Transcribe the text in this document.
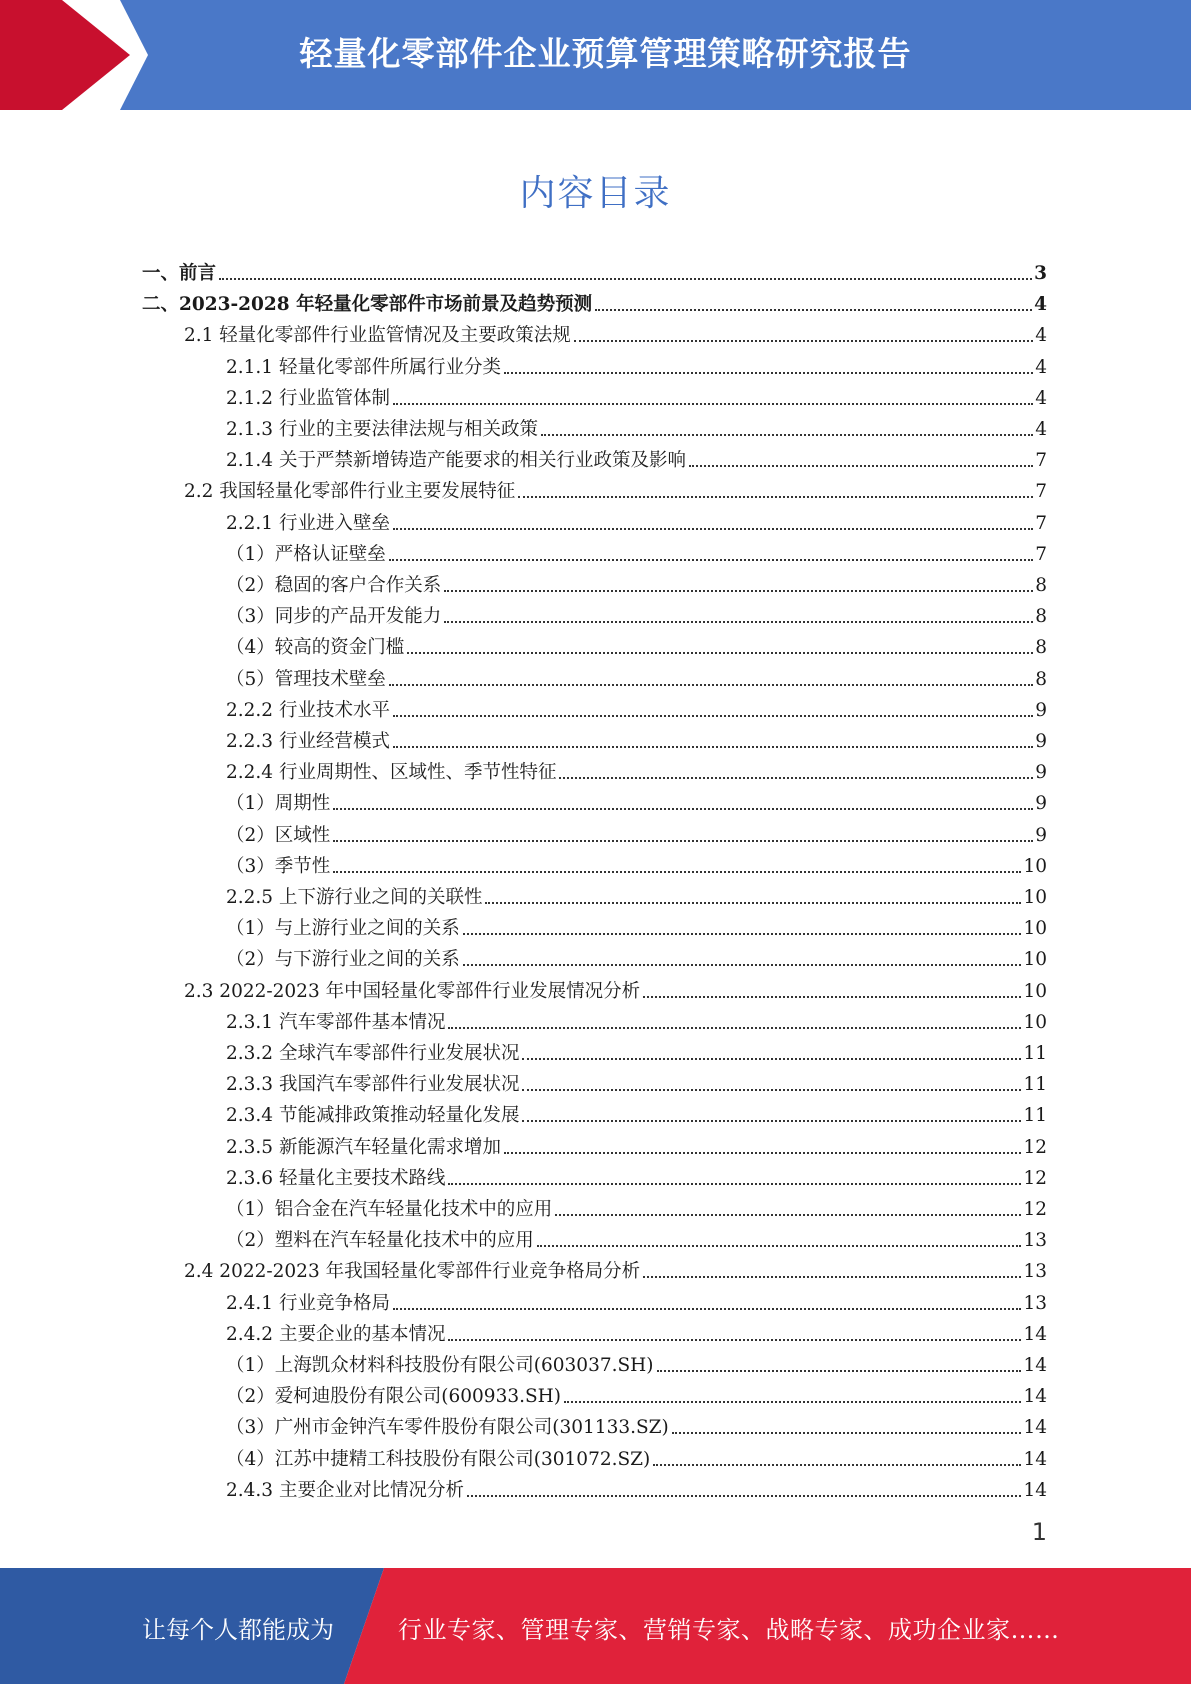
轻量化零部件企业预算管理策略研究报告
内容目录
一、前言	3
二、2023-2028 年轻量化零部件市场前景及趋势预测	4
2.1 轻量化零部件行业监管情况及主要政策法规	4
2.1.1 轻量化零部件所属行业分类	4
2.1.2 行业监管体制	4
2.1.3 行业的主要法律法规与相关政策	4
2.1.4 关于严禁新增铸造产能要求的相关行业政策及影响	7
2.2 我国轻量化零部件行业主要发展特征	7
2.2.1 行业进入壁垒	7
（1）严格认证壁垒	7
（2）稳固的客户合作关系	8
（3）同步的产品开发能力	8
（4）较高的资金门槛	8
（5）管理技术壁垒	8
2.2.2 行业技术水平	9
2.2.3 行业经营模式	9
2.2.4 行业周期性、区域性、季节性特征	9
（1）周期性	9
（2）区域性	9
（3）季节性	10
2.2.5 上下游行业之间的关联性	10
（1）与上游行业之间的关系	10
（2）与下游行业之间的关系	10
2.3 2022-2023 年中国轻量化零部件行业发展情况分析	10
2.3.1 汽车零部件基本情况	10
2.3.2 全球汽车零部件行业发展状况	11
2.3.3 我国汽车零部件行业发展状况	11
2.3.4 节能减排政策推动轻量化发展	11
2.3.5 新能源汽车轻量化需求增加	12
2.3.6 轻量化主要技术路线	12
（1）铝合金在汽车轻量化技术中的应用	12
（2）塑料在汽车轻量化技术中的应用	13
2.4 2022-2023 年我国轻量化零部件行业竞争格局分析	13
2.4.1 行业竞争格局	13
2.4.2 主要企业的基本情况	14
（1）上海凯众材料科技股份有限公司(603037.SH)	14
（2）爱柯迪股份有限公司(600933.SH)	14
（3）广州市金钟汽车零件股份有限公司(301133.SZ)	14
（4）江苏中捷精工科技股份有限公司(301072.SZ)	14
2.4.3 主要企业对比情况分析	14
1
让每个人都能成为	行业专家、管理专家、营销专家、战略专家、成功企业家……
